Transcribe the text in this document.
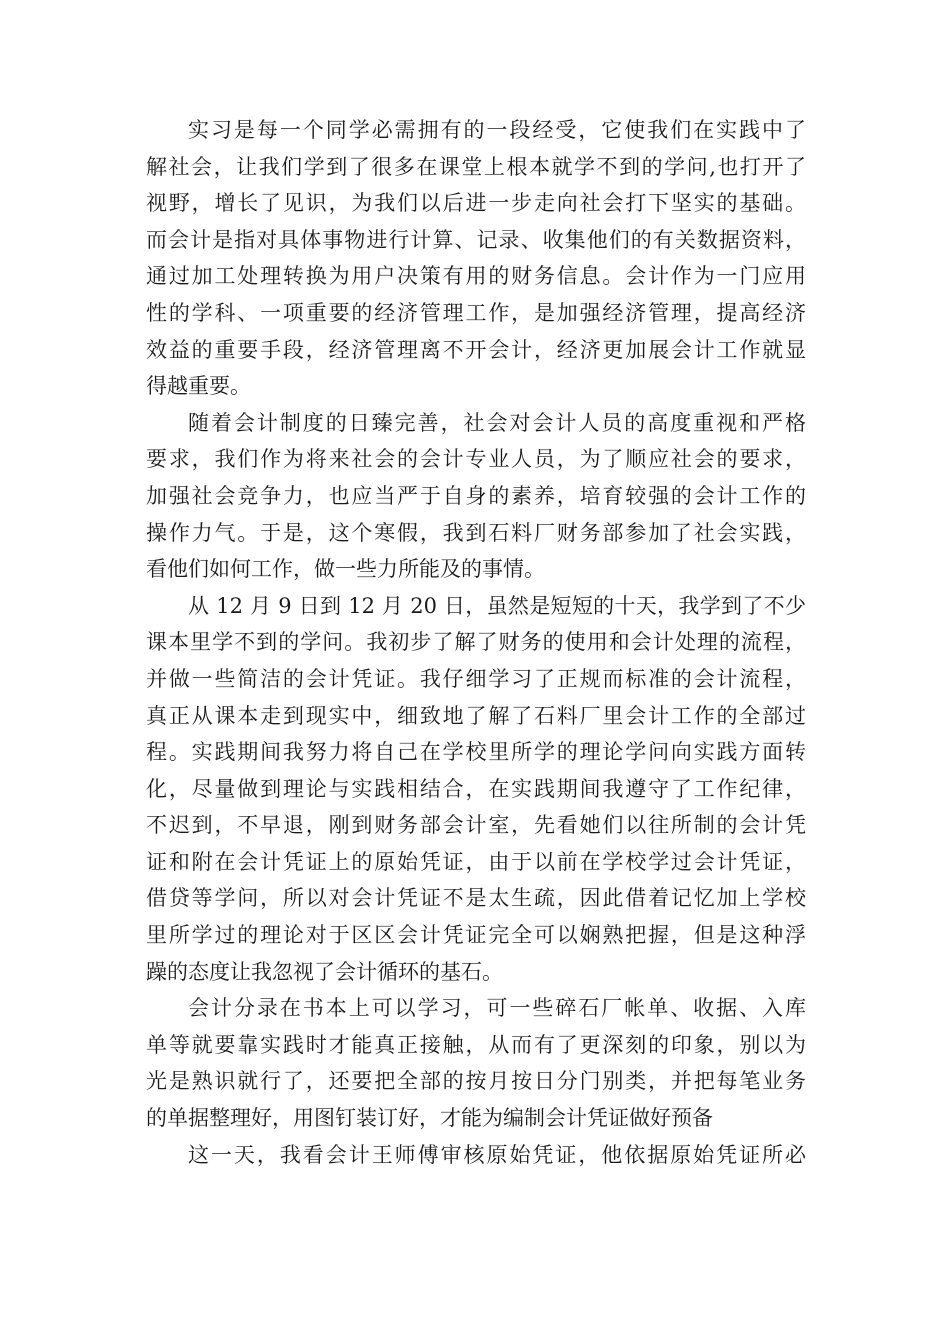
实习是每一个同学必需拥有的一段经受，它使我们在实践中了
解社会，让我们学到了很多在课堂上根本就学不到的学问,也打开了
视野，增长了见识，为我们以后进一步走向社会打下坚实的基础。
而会计是指对具体事物进行计算、记录、收集他们的有关数据资料，
通过加工处理转换为用户决策有用的财务信息。会计作为一门应用
性的学科、一项重要的经济管理工作，是加强经济管理，提高经济
效益的重要手段，经济管理离不开会计，经济更加展会计工作就显
得越重要。
随着会计制度的日臻完善，社会对会计人员的高度重视和严格
要求，我们作为将来社会的会计专业人员，为了顺应社会的要求，
加强社会竞争力，也应当严于自身的素养，培育较强的会计工作的
操作力气。于是，这个寒假，我到石料厂财务部参加了社会实践，
看他们如何工作，做一些力所能及的事情。
从 12 月 9 日到 12 月 20 日，虽然是短短的十天，我学到了不少
课本里学不到的学问。我初步了解了财务的使用和会计处理的流程，
并做一些简洁的会计凭证。我仔细学习了正规而标准的会计流程，
真正从课本走到现实中，细致地了解了石料厂里会计工作的全部过
程。实践期间我努力将自己在学校里所学的理论学问向实践方面转
化，尽量做到理论与实践相结合，在实践期间我遵守了工作纪律，
不迟到，不早退，刚到财务部会计室，先看她们以往所制的会计凭
证和附在会计凭证上的原始凭证，由于以前在学校学过会计凭证，
借贷等学问，所以对会计凭证不是太生疏，因此借着记忆加上学校
里所学过的理论对于区区会计凭证完全可以娴熟把握，但是这种浮
躁的态度让我忽视了会计循环的基石。
会计分录在书本上可以学习，可一些碎石厂帐单、收据、入库
单等就要靠实践时才能真正接触，从而有了更深刻的印象，别以为
光是熟识就行了，还要把全部的按月按日分门别类，并把每笔业务
的单据整理好，用图钉装订好，才能为编制会计凭证做好预备
这一天，我看会计王师傅审核原始凭证，他依据原始凭证所必
